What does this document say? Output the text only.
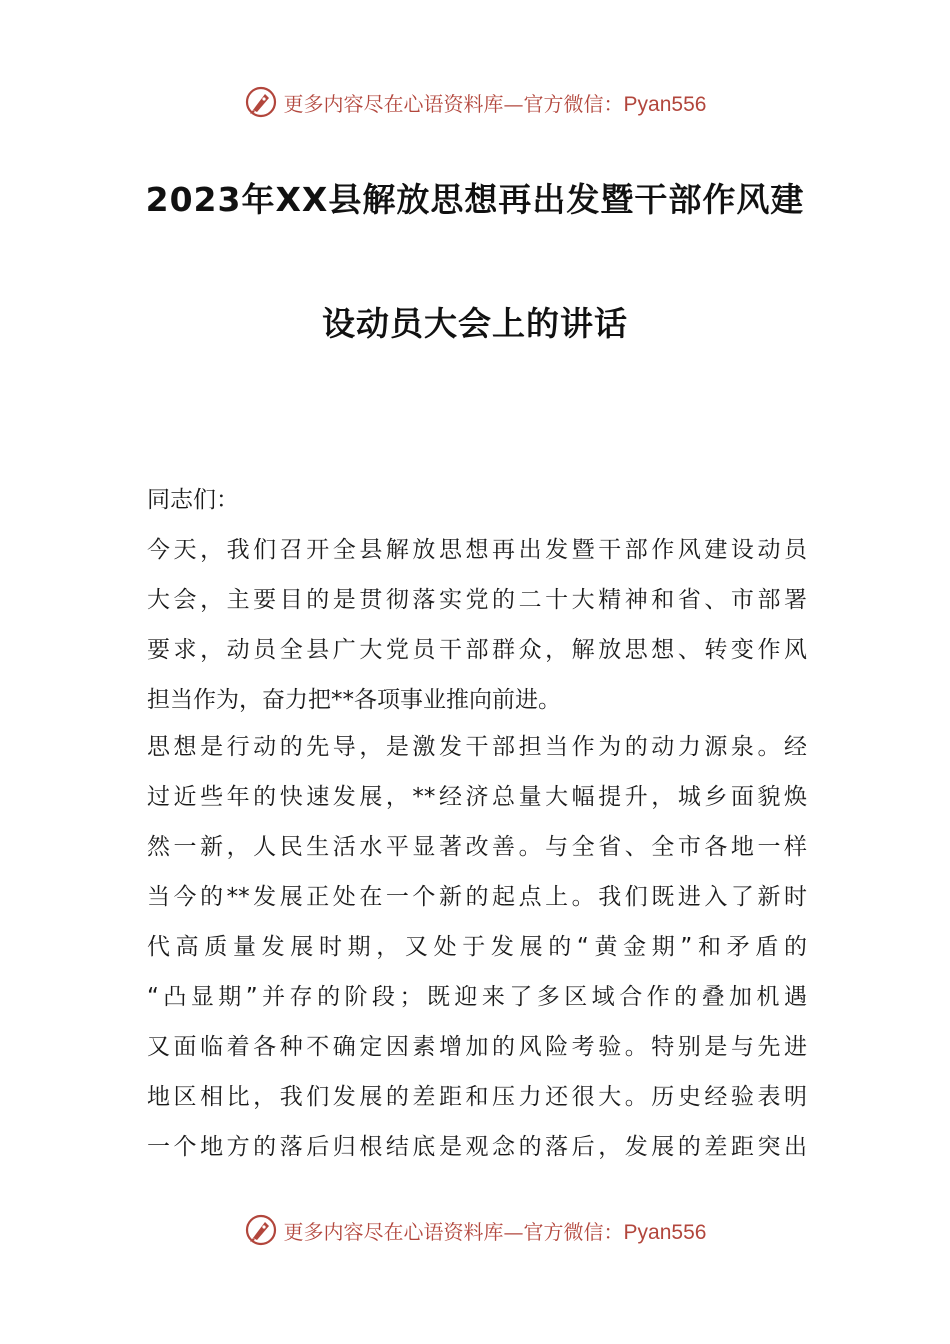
更多内容尽在心语资料库—官方微信：Pyan556
2023年XX县解放思想再出发暨干部作风建
设动员大会上的讲话
同志们：
今天，我们召开全县解放思想再出发暨干部作风建设动员
大会，主要目的是贯彻落实党的二十大精神和省、市部署
要求，动员全县广大党员干部群众，解放思想、转变作风
担当作为，奋力把**各项事业推向前进。
思想是行动的先导，是激发干部担当作为的动力源泉。经
过近些年的快速发展，**经济总量大幅提升，城乡面貌焕
然一新，人民生活水平显著改善。与全省、全市各地一样
当今的**发展正处在一个新的起点上。我们既进入了新时
代高质量发展时期，又处于发展的“黄金期”和矛盾的
“凸显期”并存的阶段；既迎来了多区域合作的叠加机遇
又面临着各种不确定因素增加的风险考验。特别是与先进
地区相比，我们发展的差距和压力还很大。历史经验表明
一个地方的落后归根结底是观念的落后，发展的差距突出
更多内容尽在心语资料库—官方微信：Pyan556
